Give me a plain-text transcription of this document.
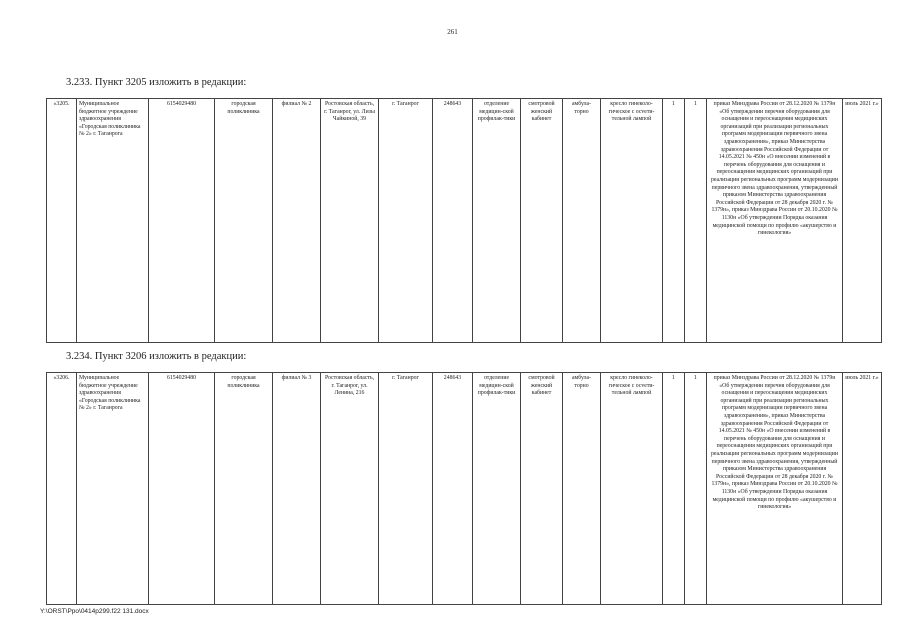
261
3.233. Пункт 3205 изложить в редакции:
«3205.	Муниципальное бюджетное учреждение здравоохранения «Городская поликлиника № 2» г. Таганрога	6154029480	городская поликлиника	филиал № 2	Ростовская область, г. Таганрог, ул. Лизы Чайкиной, 39	г. Таганрог	248643	отделение медицин-ской профилак-тики	смотровой женский кабинет	амбула-торно	кресло гинеколо-гическое с осveти-тельной лампой	1	1	приказ Минздрава России от 28.12.2020 № 1379н «Об утверждении перечня оборудования для оснащения и переоснащения медицинских организаций при реализации региональных программ модернизации первичного звена здравоохранения», приказ Министерства здравоохранения Российской Федерации от 14.05.2021 № 450н «О внесении изменений в перечень оборудования для оснащения и переоснащения медицинских организаций при реализации региональных программ модернизации первичного звена здравоохранения, утвержденный приказом Министерства здравоохранения Российской Федерации от 28 декабря 2020 г. № 1379н», приказ Минздрава России от 20.10.2020 № 1130н «Об утверждении Порядка оказания медицинской помощи по профилю «акушерство и гинекология»	июль 2021 г.»
3.234. Пункт 3206 изложить в редакции:
«3206.	Муниципальное бюджетное учреждение здравоохранения «Городская поликлиника № 2» г. Таганрога	6154029480	городская поликлиника	филиал № 3	Ростовская область, г. Таганрог, ул. Ленина, 216	г. Таганрог	248643	отделение медицин-ской профилак-тики	смотровой женский кабинет	амбула-торно	кресло гинеколо-гическое с осveти-тельной лампой	1	1	приказ Минздрава России от 28.12.2020 № 1379н «Об утверждении перечня оборудования для оснащения и переоснащения медицинских организаций при реализации региональных программ модернизации первичного звена здравоохранения», приказ Министерства здравоохранения Российской Федерации от 14.05.2021 № 450н «О внесении изменений в перечень оборудования для оснащения и переоснащения медицинских организаций при реализации региональных программ модернизации первичного звена здравоохранения, утвержденный приказом Министерства здравоохранения Российской Федерации от 28 декабря 2020 г. № 1379н», приказ Минздрава России от 20.10.2020 № 1130н «Об утверждении Порядка оказания медицинской помощи по профилю «акушерство и гинекология»	июль 2021 г.»
Y:\ORST\Ppo\0414p299.f22 131.docx
